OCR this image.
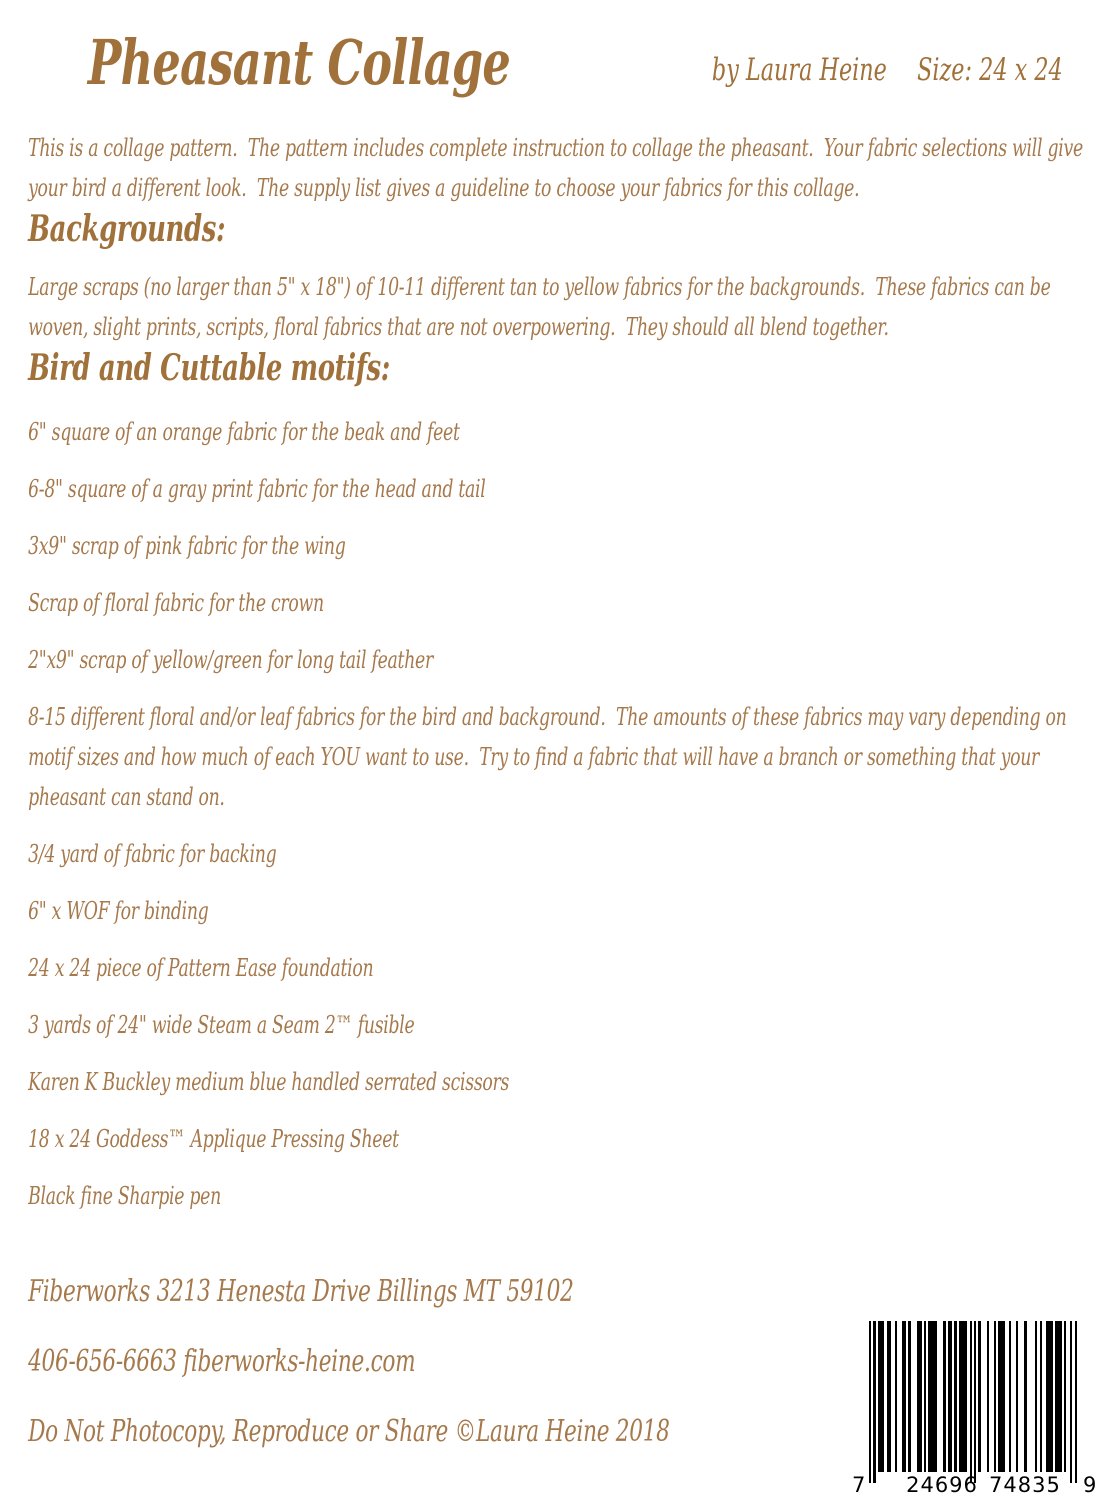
Pheasant Collage	by Laura Heine Size: 24 x 24

This is a collage pattern.  The pattern includes complete instruction to collage the pheasant.  Your fabric selections will give your bird a different look.  The supply list gives a guideline to choose your fabrics for this collage.

Backgrounds:

Large scraps (no larger than 5" x 18") of 10-11 different tan to yellow fabrics for the backgrounds.  These fabrics can be woven, slight prints, scripts, floral fabrics that are not overpowering.  They should all blend together.

Bird and Cuttable motifs:

6" square of an orange fabric for the beak and feet

6-8" square of a gray print fabric for the head and tail

3x9" scrap of pink fabric for the wing

Scrap of floral fabric for the crown

2"x9" scrap of yellow/green for long tail feather

8-15 different floral and/or leaf fabrics for the bird and background.  The amounts of these fabrics may vary depending on motif sizes and how much of each YOU want to use.  Try to find a fabric that will have a branch or something that your pheasant can stand on.

3/4 yard of fabric for backing

6" x WOF for binding

24 x 24 piece of Pattern Ease foundation

3 yards of 24" wide Steam a Seam 2™ fusible

Karen K Buckley medium blue handled serrated scissors

18 x 24 Goddess™ Applique Pressing Sheet

Black fine Sharpie pen

Fiberworks 3213 Henesta Drive Billings MT 59102

406-656-6663 fiberworks-heine.com

Do Not Photocopy, Reproduce or Share ©Laura Heine 2018

7 24696 74835 9
